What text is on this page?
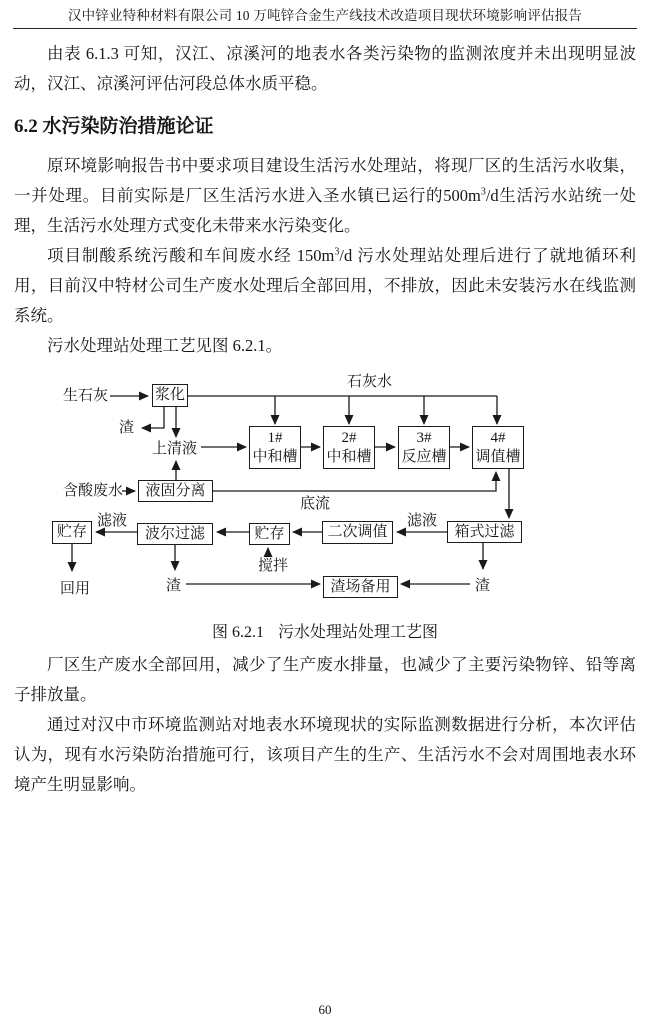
汉中锌业特种材料有限公司 10 万吨锌合金生产线技术改造项目现状环境影响评估报告

由表 6.1.3 可知，汉江、凉溪河的地表水各类污染物的监测浓度并未出现明显波动，汉江、凉溪河评估河段总体水质平稳。

6.2 水污染防治措施论证

原环境影响报告书中要求项目建设生活污水处理站，将现厂区的生活污水收集，一并处理。目前实际是厂区生活污水进入圣水镇已运行的$500m^3/d$生活污水站统一处理，生活污水处理方式变化未带来水污染变化。

项目制酸系统污酸和车间废水经 $150m^3/d$ 污水处理站处理后进行了就地循环利用，目前汉中特材公司生产废水处理后全部回用，不排放，因此未安装污水在线监测系统。

污水处理站处理工艺见图 6.2.1。

浆化
1#
中和槽
2#
中和槽
3#
反应槽
4#
调值槽
液固分离
贮存	波尔过滤	贮存	二次调值	箱式过滤
渣场备用
生石灰
石灰水
渣
上清液
含酸废水
底流
滤液	滤液
搅拌
渣	渣
回用
图 6.2.1 污水处理站处理工艺图

厂区生产废水全部回用，减少了生产废水排量，也减少了主要污染物锌、铅等离子排放量。

通过对汉中市环境监测站对地表水环境现状的实际监测数据进行分析，本次评估认为，现有水污染防治措施可行，该项目产生的生产、生活污水不会对周围地表水环境产生明显影响。

60
